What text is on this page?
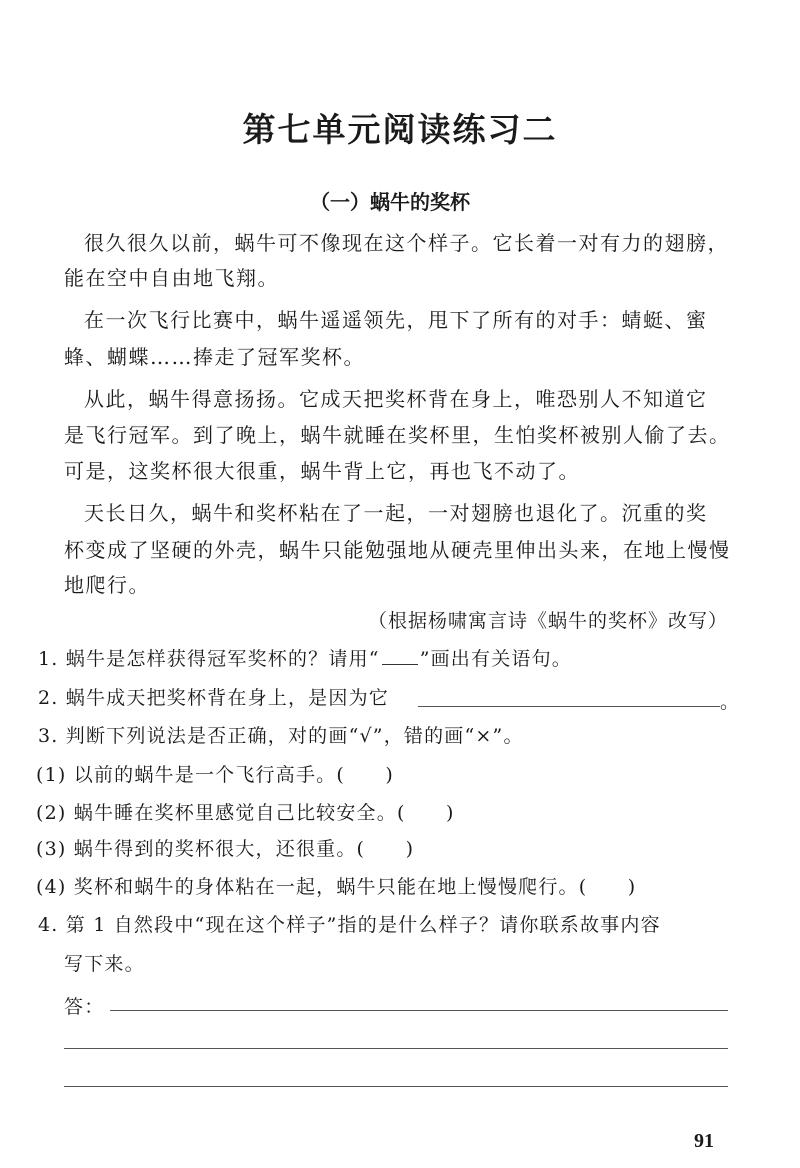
第七单元阅读练习二
（一）蜗牛的奖杯
很久很久以前，蜗牛可不像现在这个样子。它长着一对有力的翅膀，
能在空中自由地飞翔。
在一次飞行比赛中，蜗牛遥遥领先，甩下了所有的对手：蜻蜓、蜜
蜂、蝴蝶……捧走了冠军奖杯。
从此，蜗牛得意扬扬。它成天把奖杯背在身上，唯恐别人不知道它
是飞行冠军。到了晚上，蜗牛就睡在奖杯里，生怕奖杯被别人偷了去。
可是，这奖杯很大很重，蜗牛背上它，再也飞不动了。
天长日久，蜗牛和奖杯粘在了一起，一对翅膀也退化了。沉重的奖
杯变成了坚硬的外壳，蜗牛只能勉强地从硬壳里伸出头来，在地上慢慢
地爬行。
（根据杨啸寓言诗《蜗牛的奖杯》改写）
1. 蜗牛是怎样获得冠军奖杯的？请用“ ”画出有关语句。
2. 蜗牛成天把奖杯背在身上，是因为它	。
3. 判断下列说法是否正确，对的画“√”，错的画“×”。
(1) 以前的蜗牛是一个飞行高手。(　　)
(2) 蜗牛睡在奖杯里感觉自己比较安全。(　　)
(3) 蜗牛得到的奖杯很大，还很重。(　　)
(4) 奖杯和蜗牛的身体粘在一起，蜗牛只能在地上慢慢爬行。(　　)
4. 第 1 自然段中“现在这个样子”指的是什么样子？请你联系故事内容
写下来。
答：
91
